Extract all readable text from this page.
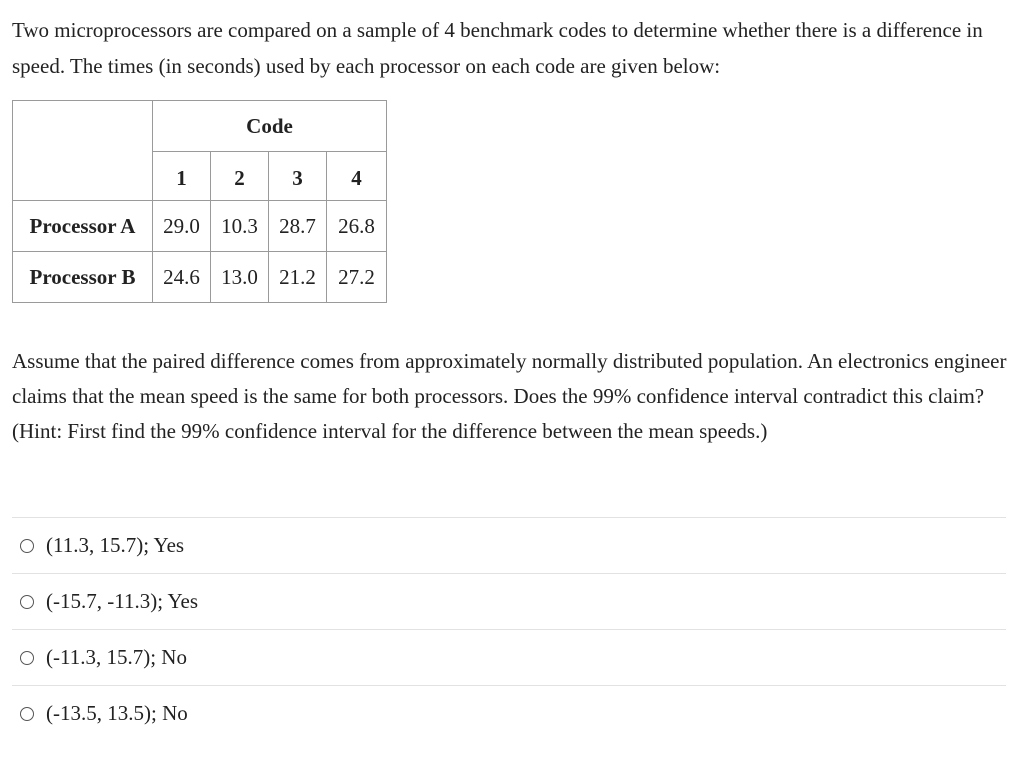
Two microprocessors are compared on a sample of 4 benchmark codes to determine whether there is a difference in speed. The times (in seconds) used by each processor on each code are given below:

	Code			
	1	2	3	4
Processor A	29.0	10.3	28.7	26.8
Processor B	24.6	13.0	21.2	27.2

Assume that the paired difference comes from approximately normally distributed population. An electronics engineer claims that the mean speed is the same for both processors. Does the 99% confidence interval contradict this claim? (Hint: First find the 99% confidence interval for the difference between the mean speeds.)

(11.3, 15.7); Yes
(-15.7, -11.3); Yes
(-11.3, 15.7); No
(-13.5, 13.5); No
